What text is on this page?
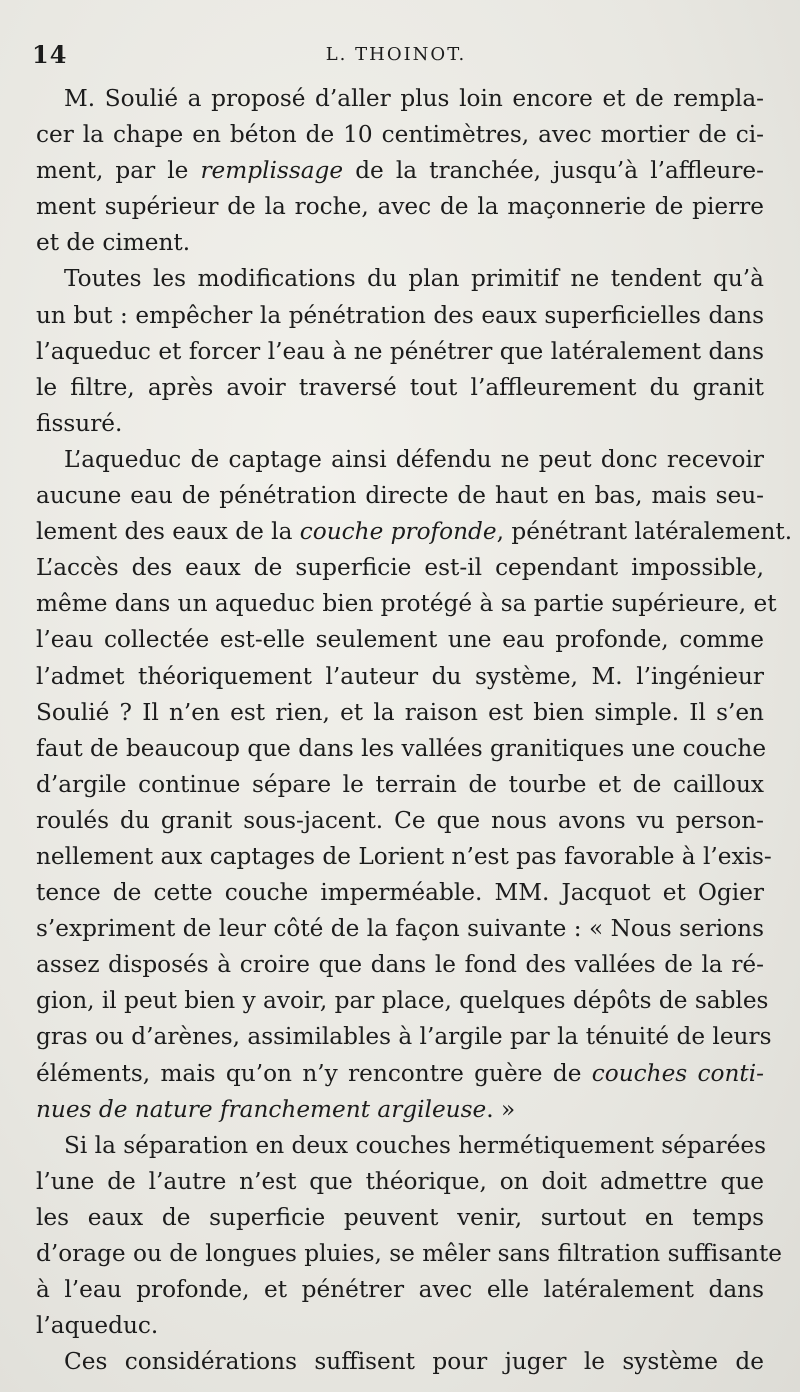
14	L. THOINOT.
M. Soulié a proposé d’aller plus loin encore et de rempla-
cer la chape en béton de 10 centimètres, avec mortier de ci-
ment, par le remplissage de la tranchée, jusqu’à l’affleure-
ment supérieur de la roche, avec de la maçonnerie de pierre
et de ciment.
Toutes les modifications du plan primitif ne tendent qu’à
un but : empêcher la pénétration des eaux superficielles dans
l’aqueduc et forcer l’eau à ne pénétrer que latéralement dans
le filtre, après avoir traversé tout l’affleurement du granit
fissuré.
L’aqueduc de captage ainsi défendu ne peut donc recevoir
aucune eau de pénétration directe de haut en bas, mais seu-
lement des eaux de la couche profonde, pénétrant latéralement.
L’accès des eaux de superficie est-il cependant impossible,
même dans un aqueduc bien protégé à sa partie supérieure, et
l’eau collectée est-elle seulement une eau profonde, comme
l’admet théoriquement l’auteur du système, M. l’ingénieur
Soulié ? Il n’en est rien, et la raison est bien simple. Il s’en
faut de beaucoup que dans les vallées granitiques une couche
d’argile continue sépare le terrain de tourbe et de cailloux
roulés du granit sous-jacent. Ce que nous avons vu person-
nellement aux captages de Lorient n’est pas favorable à l’exis-
tence de cette couche imperméable. MM. Jacquot et Ogier
s’expriment de leur côté de la façon suivante : « Nous serions
assez disposés à croire que dans le fond des vallées de la ré-
gion, il peut bien y avoir, par place, quelques dépôts de sables
gras ou d’arènes, assimilables à l’argile par la ténuité de leurs
éléments, mais qu’on n’y rencontre guère de couches conti-
nues de nature franchement argileuse. »
Si la séparation en deux couches hermétiquement séparées
l’une de l’autre n’est que théorique, on doit admettre que
les eaux de superficie peuvent venir, surtout en temps
d’orage ou de longues pluies, se mêler sans filtration suffisante
à l’eau profonde, et pénétrer avec elle latéralement dans
l’aqueduc.
Ces considérations suffisent pour juger le système de
